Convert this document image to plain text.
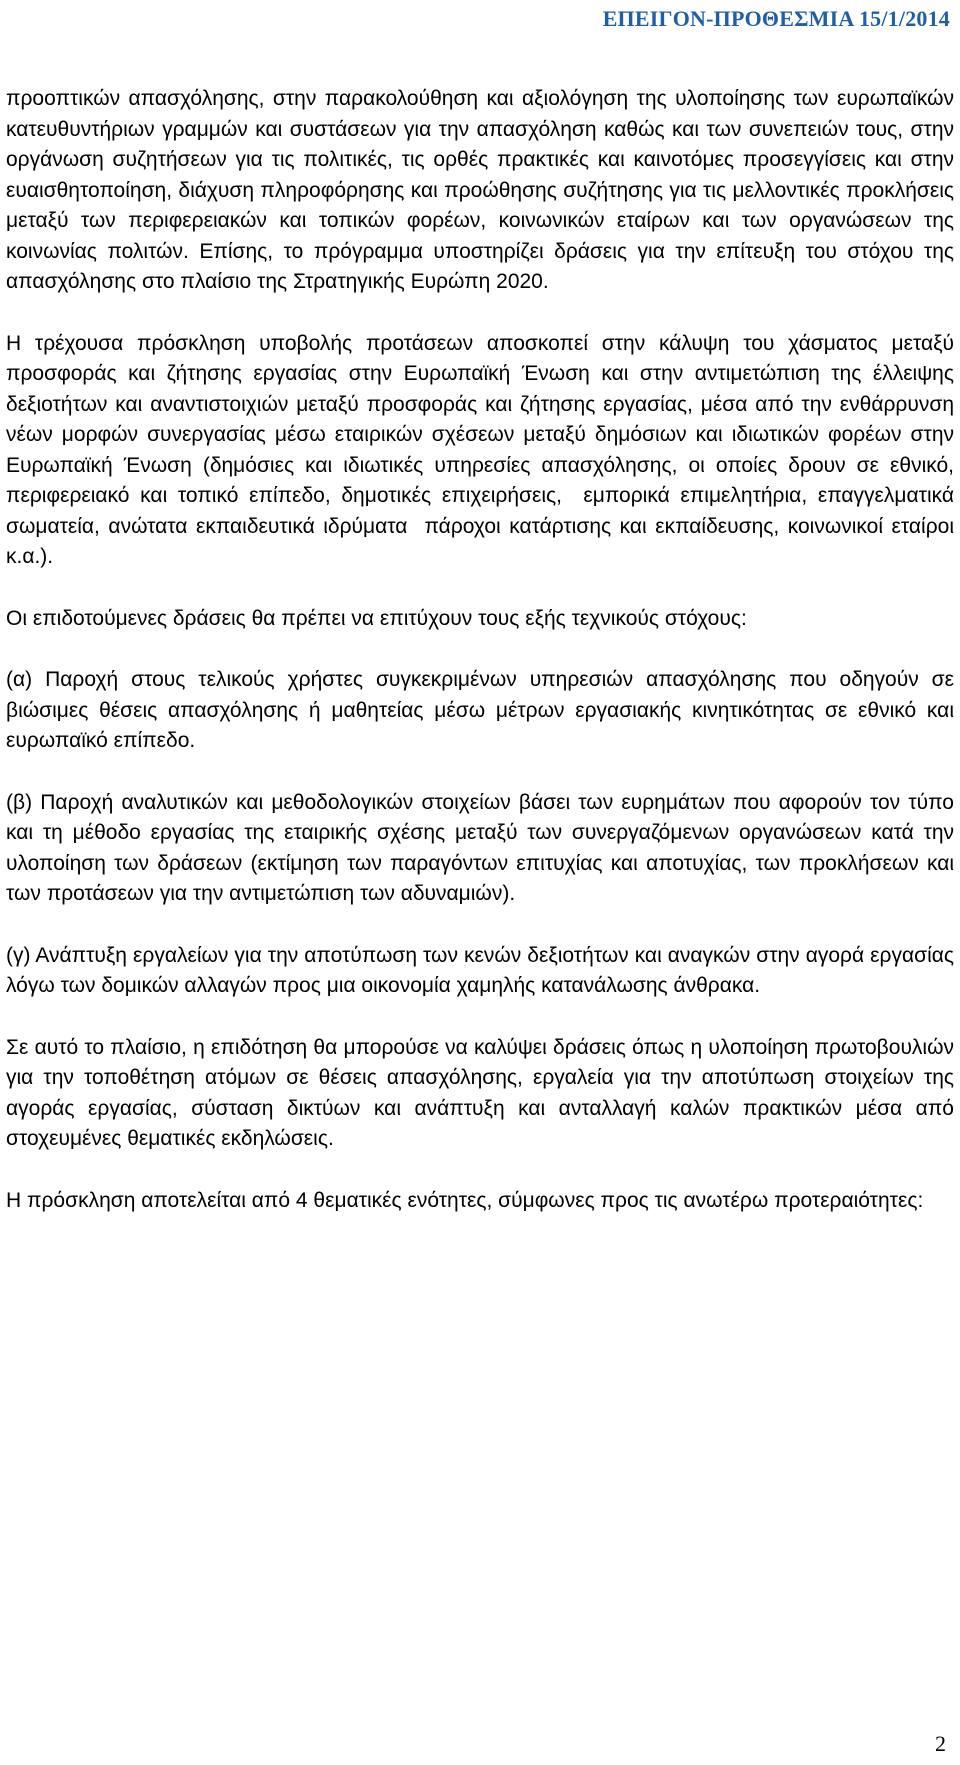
ΕΠΕΙΓΟΝ-ΠΡΟΘΕΣΜΙΑ 15/1/2014

προοπτικών απασχόλησης, στην παρακολούθηση και αξιολόγηση της υλοποίησης των ευρωπαϊκών κατευθυντήριων γραμμών και συστάσεων για την απασχόληση καθώς και των συνεπειών τους, στην οργάνωση συζητήσεων για τις πολιτικές, τις ορθές πρακτικές και καινοτόμες προσεγγίσεις και στην ευαισθητοποίηση, διάχυση πληροφόρησης και προώθησης συζήτησης για τις μελλοντικές προκλήσεις μεταξύ των περιφερειακών και τοπικών φορέων, κοινωνικών εταίρων και των οργανώσεων της κοινωνίας πολιτών. Επίσης, το πρόγραμμα υποστηρίζει δράσεις για την επίτευξη του στόχου της απασχόλησης στο πλαίσιο της Στρατηγικής Ευρώπη 2020.

Η τρέχουσα πρόσκληση υποβολής προτάσεων αποσκοπεί στην κάλυψη του χάσματος μεταξύ προσφοράς και ζήτησης εργασίας στην Ευρωπαϊκή Ένωση και στην αντιμετώπιση της έλλειψης δεξιοτήτων και αναντιστοιχιών μεταξύ προσφοράς και ζήτησης εργασίας, μέσα από την ενθάρρυνση νέων μορφών συνεργασίας μέσω εταιρικών σχέσεων μεταξύ δημόσιων και ιδιωτικών φορέων στην Ευρωπαϊκή Ένωση (δημόσιες και ιδιωτικές υπηρεσίες απασχόλησης, οι οποίες δρουν σε εθνικό, περιφερειακό και τοπικό επίπεδο, δημοτικές επιχειρήσεις,  εμπορικά επιμελητήρια, επαγγελματικά σωματεία, ανώτατα εκπαιδευτικά ιδρύματα  πάροχοι κατάρτισης και εκπαίδευσης, κοινωνικοί εταίροι κ.α.).

Οι επιδοτούμενες δράσεις θα πρέπει να επιτύχουν τους εξής τεχνικούς στόχους:

(α) Παροχή στους τελικούς χρήστες συγκεκριμένων υπηρεσιών απασχόλησης που οδηγούν σε βιώσιμες θέσεις απασχόλησης ή μαθητείας μέσω μέτρων εργασιακής κινητικότητας σε εθνικό και ευρωπαϊκό επίπεδο.

(β) Παροχή αναλυτικών και μεθοδολογικών στοιχείων βάσει των ευρημάτων που αφορούν τον τύπο και τη μέθοδο εργασίας της εταιρικής σχέσης μεταξύ των συνεργαζόμενων οργανώσεων κατά την υλοποίηση των δράσεων (εκτίμηση των παραγόντων επιτυχίας και αποτυχίας, των προκλήσεων και των προτάσεων για την αντιμετώπιση των αδυναμιών).

(γ) Ανάπτυξη εργαλείων για την αποτύπωση των κενών δεξιοτήτων και αναγκών στην αγορά εργασίας λόγω των δομικών αλλαγών προς μια οικονομία χαμηλής κατανάλωσης άνθρακα.

Σε αυτό το πλαίσιο, η επιδότηση θα μπορούσε να καλύψει δράσεις όπως η υλοποίηση πρωτοβουλιών για την τοποθέτηση ατόμων σε θέσεις απασχόλησης, εργαλεία για την αποτύπωση στοιχείων της αγοράς εργασίας, σύσταση δικτύων και ανάπτυξη και ανταλλαγή καλών πρακτικών μέσα από στοχευμένες θεματικές εκδηλώσεις.

Η πρόσκληση αποτελείται από 4 θεματικές ενότητες, σύμφωνες προς τις ανωτέρω προτεραιότητες:

2
